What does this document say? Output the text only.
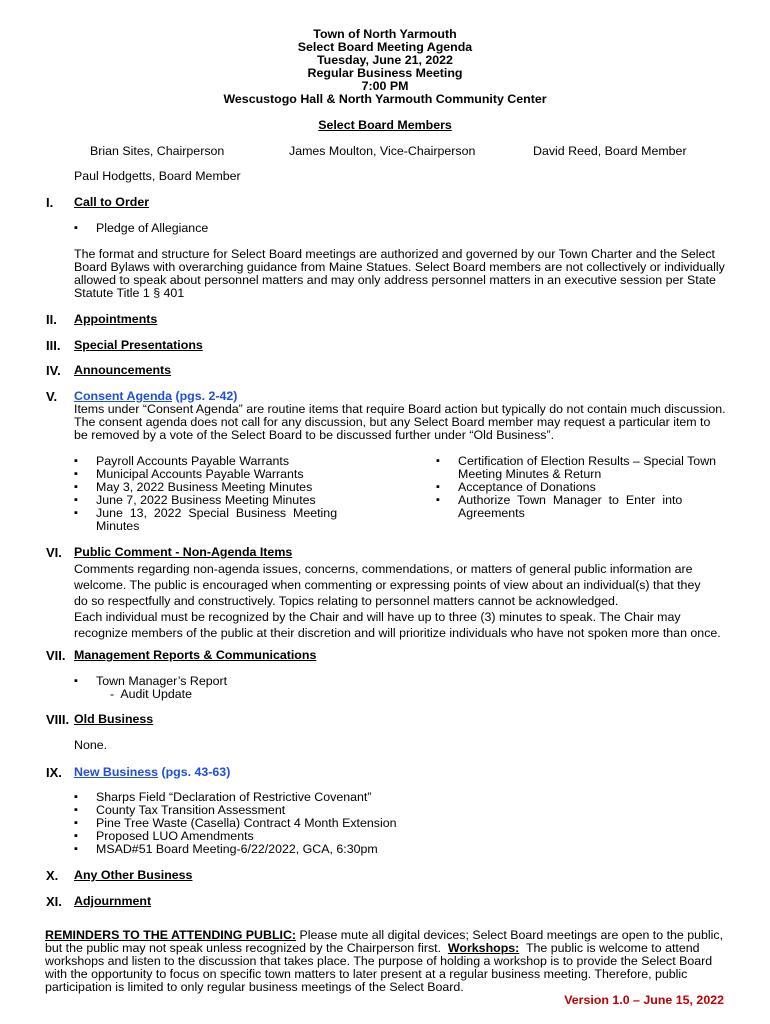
Town of North Yarmouth
Select Board Meeting Agenda
Tuesday, June 21, 2022
Regular Business Meeting
7:00 PM
Wescustogo Hall & North Yarmouth Community Center
Select Board Members
Brian Sites, Chairperson	James Moulton, Vice-Chairperson	David Reed, Board Member
Paul Hodgetts, Board Member
I. Call to Order
▪ Pledge of Allegiance
The format and structure for Select Board meetings are authorized and governed by our Town Charter and the Select
Board Bylaws with overarching guidance from Maine Statues. Select Board members are not collectively or individually
allowed to speak about personnel matters and may only address personnel matters in an executive session per State
Statute Title 1 § 401
II. Appointments
III. Special Presentations
IV. Announcements
V. Consent Agenda (pgs. 2-42)
Items under “Consent Agenda” are routine items that require Board action but typically do not contain much discussion.
The consent agenda does not call for any discussion, but any Select Board member may request a particular item to
be removed by a vote of the Select Board to be discussed further under “Old Business”.
▪ Payroll Accounts Payable Warrants
▪ Municipal Accounts Payable Warrants
▪ May 3, 2022 Business Meeting Minutes
▪ June 7, 2022 Business Meeting Minutes
▪ June  13,  2022  Special  Business  Meeting
Minutes
▪ Certification of Election Results – Special Town
Meeting Minutes & Return
▪ Acceptance of Donations
▪ Authorize  Town  Manager  to  Enter  into
Agreements
VI. Public Comment - Non-Agenda Items
Comments regarding non-agenda issues, concerns, commendations, or matters of general public information are
welcome. The public is encouraged when commenting or expressing points of view about an individual(s) that they
do so respectfully and constructively. Topics relating to personnel matters cannot be acknowledged.
Each individual must be recognized by the Chair and will have up to three (3) minutes to speak. The Chair may
recognize members of the public at their discretion and will prioritize individuals who have not spoken more than once.
VII. Management Reports & Communications
▪ Town Manager’s Report
-  Audit Update
VIII. Old Business
None.
IX. New Business (pgs. 43-63)
▪ Sharps Field “Declaration of Restrictive Covenant”
▪ County Tax Transition Assessment
▪ Pine Tree Waste (Casella) Contract 4 Month Extension
▪ Proposed LUO Amendments
▪ MSAD#51 Board Meeting-6/22/2022, GCA, 6:30pm
X. Any Other Business
XI. Adjournment
REMINDERS TO THE ATTENDING PUBLIC: Please mute all digital devices; Select Board meetings are open to the public,
but the public may not speak unless recognized by the Chairperson first.  Workshops:  The public is welcome to attend
workshops and listen to the discussion that takes place. The purpose of holding a workshop is to provide the Select Board
with the opportunity to focus on specific town matters to later present at a regular business meeting. Therefore, public
participation is limited to only regular business meetings of the Select Board.
Version 1.0 – June 15, 2022
